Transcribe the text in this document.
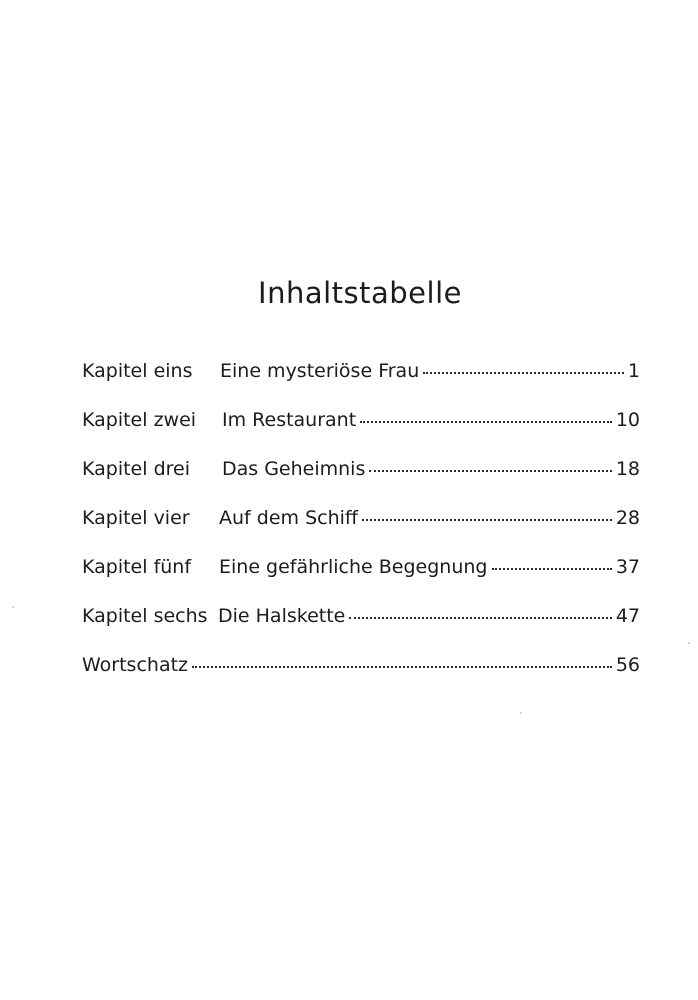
Inhaltstabelle
Kapitel eins	Eine mysteriöse Frau	1
Kapitel zwei	Im Restaurant	10
Kapitel drei	Das Geheimnis	18
Kapitel vier	Auf dem Schiff	28
Kapitel fünf	Eine gefährliche Begegnung	37
Kapitel sechs Die Halskette	47
Wortschatz	56
